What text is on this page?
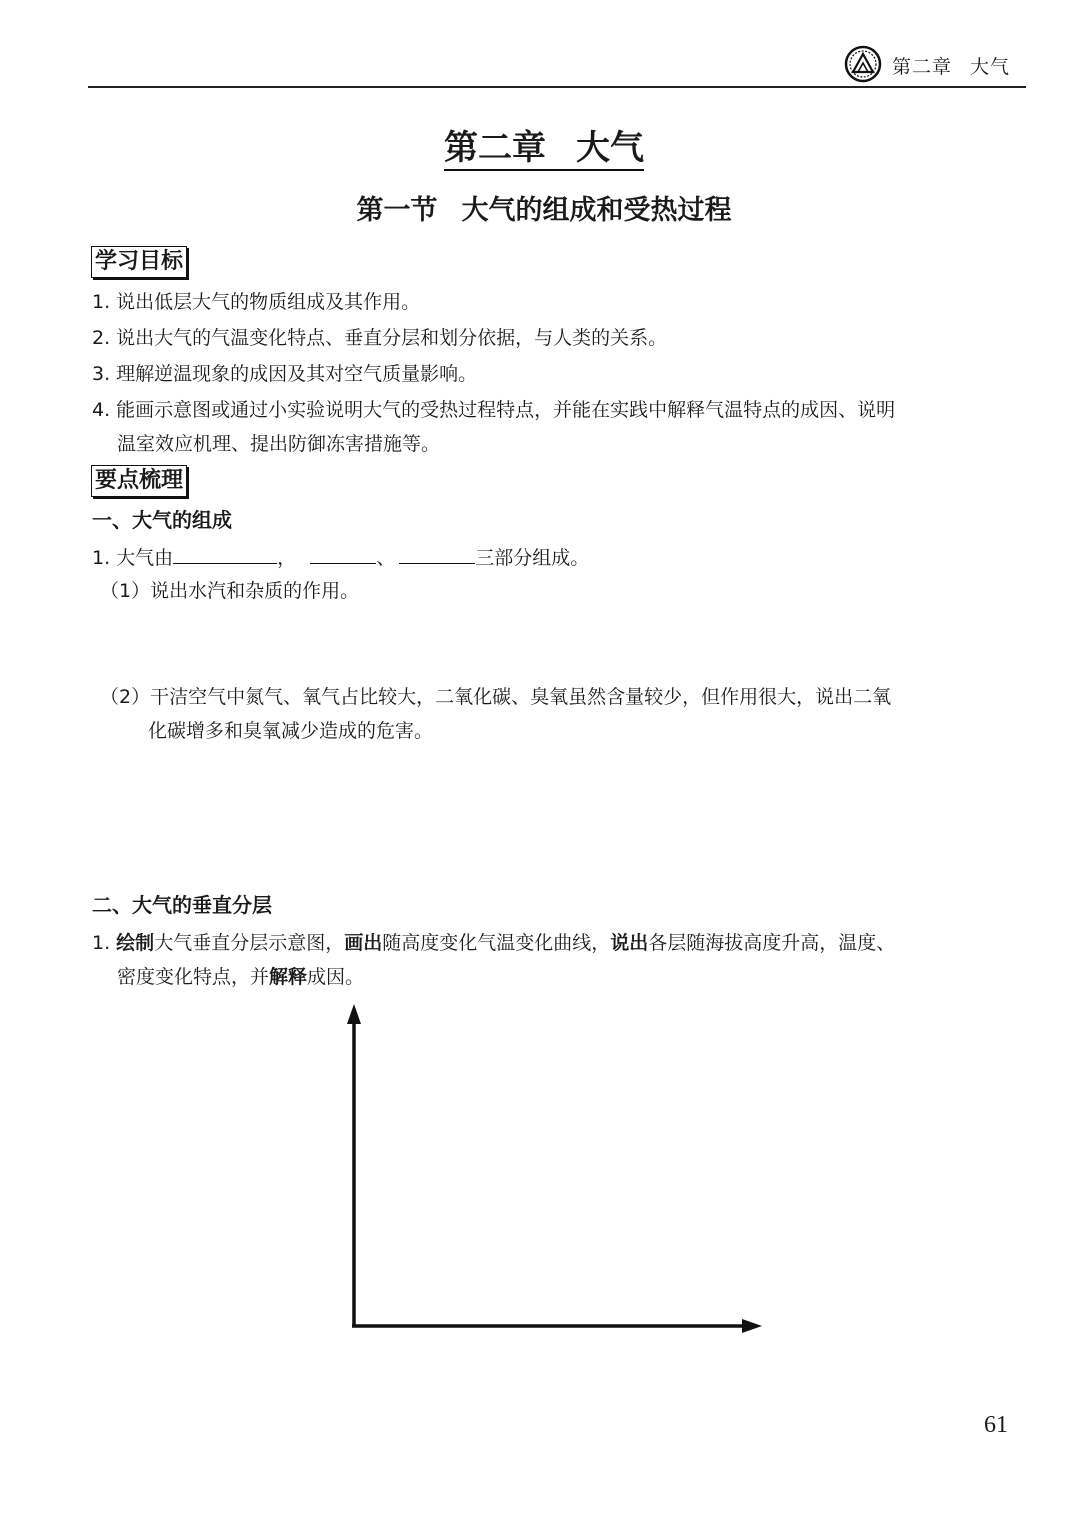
第二章 大气
第二章 大气
第一节 大气的组成和受热过程
学习目标
1. 说出低层大气的物质组成及其作用。
2. 说出大气的气温变化特点、垂直分层和划分依据，与人类的关系。
3. 理解逆温现象的成因及其对空气质量影响。
4. 能画示意图或通过小实验说明大气的受热过程特点，并能在实践中解释气温特点的成因、说明
温室效应机理、提出防御冻害措施等。
要点梳理
一、大气的组成
1. 大气由	，	、	三部分组成。
（1）说出水汽和杂质的作用。
（2）干洁空气中氮气、氧气占比较大，二氧化碳、臭氧虽然含量较少，但作用很大，说出二氧
化碳增多和臭氧减少造成的危害。
二、大气的垂直分层
1. 绘制大气垂直分层示意图，画出随高度变化气温变化曲线，说出各层随海拔高度升高，温度、
密度变化特点，并解释成因。
61
